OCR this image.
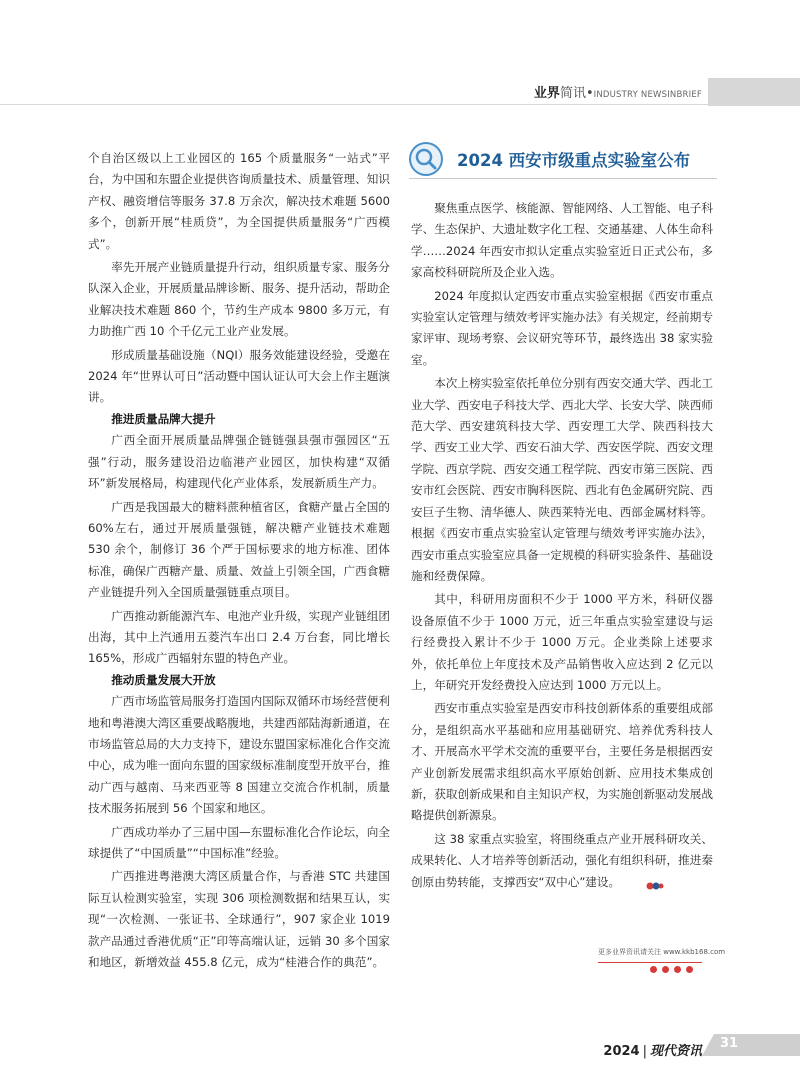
业界简讯•INDUSTRY NEWSINBRIEF

个自治区级以上工业园区的 165 个质量服务“一站式”平台，为中国和东盟企业提供咨询质量技术、质量管理、知识产权、融资增信等服务 37.8 万余次，解决技术难题 5600 多个，创新开展“桂质贷”，为全国提供质量服务“广西模式”。

率先开展产业链质量提升行动，组织质量专家、服务分队深入企业，开展质量品牌诊断、服务、提升活动，帮助企业解决技术难题 860 个，节约生产成本 9800 多万元，有力助推广西 10 个千亿元工业产业发展。

形成质量基础设施（NQI）服务效能建设经验，受邀在 2024 年“世界认可日”活动暨中国认证认可大会上作主题演讲。

推进质量品牌大提升

广西全面开展质量品牌强企链链强县强市强园区“五强”行动，服务建设沿边临港产业园区，加快构建“双循环”新发展格局，构建现代化产业体系，发展新质生产力。

广西是我国最大的糖料蔗种植省区，食糖产量占全国的 60%左右，通过开展质量强链，解决糖产业链技术难题 530 余个，制修订 36 个严于国标要求的地方标准、团体标准，确保广西糖产量、质量、效益上引领全国，广西食糖产业链提升列入全国质量强链重点项目。

广西推动新能源汽车、电池产业升级，实现产业链组团出海，其中上汽通用五菱汽车出口 2.4 万台套，同比增长 165%，形成广西辐射东盟的特色产业。

推动质量发展大开放

广西市场监管局服务打造国内国际双循环市场经营便利地和粤港澳大湾区重要战略腹地，共建西部陆海新通道，在市场监管总局的大力支持下，建设东盟国家标准化合作交流中心，成为唯一面向东盟的国家级标准制度型开放平台，推动广西与越南、马来西亚等 8 国建立交流合作机制，质量技术服务拓展到 56 个国家和地区。

广西成功举办了三届中国—东盟标准化合作论坛，向全球提供了“中国质量”“中国标准”经验。

广西推进粤港澳大湾区质量合作，与香港 STC 共建国际互认检测实验室，实现 306 项检测数据和结果互认，实现“一次检测、一张证书、全球通行”，907 家企业 1019 款产品通过香港优质“正”印等高端认证，远销 30 多个国家和地区，新增效益 455.8 亿元，成为“桂港合作的典范”。

2024 西安市级重点实验室公布

聚焦重点医学、核能源、智能网络、人工智能、电子科学、生态保护、大遗址数字化工程、交通基建、人体生命科学……2024 年西安市拟认定重点实验室近日正式公布，多家高校科研院所及企业入选。

2024 年度拟认定西安市重点实验室根据《西安市重点实验室认定管理与绩效考评实施办法》有关规定，经前期专家评审、现场考察、会议研究等环节，最终选出 38 家实验室。

本次上榜实验室依托单位分别有西安交通大学、西北工业大学、西安电子科技大学、西北大学、长安大学、陕西师范大学、西安建筑科技大学、西安理工大学、陕西科技大学、西安工业大学、西安石油大学、西安医学院、西安文理学院、西京学院、西安交通工程学院、西安市第三医院、西安市红会医院、西安市胸科医院、西北有色金属研究院、西安巨子生物、清华德人、陕西莱特光电、西部金属材料等。

根据《西安市重点实验室认定管理与绩效考评实施办法》，西安市重点实验室应具备一定规模的科研实验条件、基础设施和经费保障。

其中，科研用房面积不少于 1000 平方米，科研仪器设备原值不少于 1000 万元，近三年重点实验室建设与运行经费投入累计不少于 1000 万元。企业类除上述要求外，依托单位上年度技术及产品销售收入应达到 2 亿元以上，年研究开发经费投入应达到 1000 万元以上。

西安市重点实验室是西安市科技创新体系的重要组成部分，是组织高水平基础和应用基础研究、培养优秀科技人才、开展高水平学术交流的重要平台，主要任务是根据西安产业创新发展需求组织高水平原始创新、应用技术集成创新，获取创新成果和自主知识产权，为实施创新驱动发展战略提供创新源泉。

这 38 家重点实验室，将围绕重点产业开展科研攻关、成果转化、人才培养等创新活动，强化有组织科研，推进秦创原由势转能，支撑西安“双中心”建设。

更多业界资讯请关注 www.kkb168.com
2024 | 现代资讯
31
